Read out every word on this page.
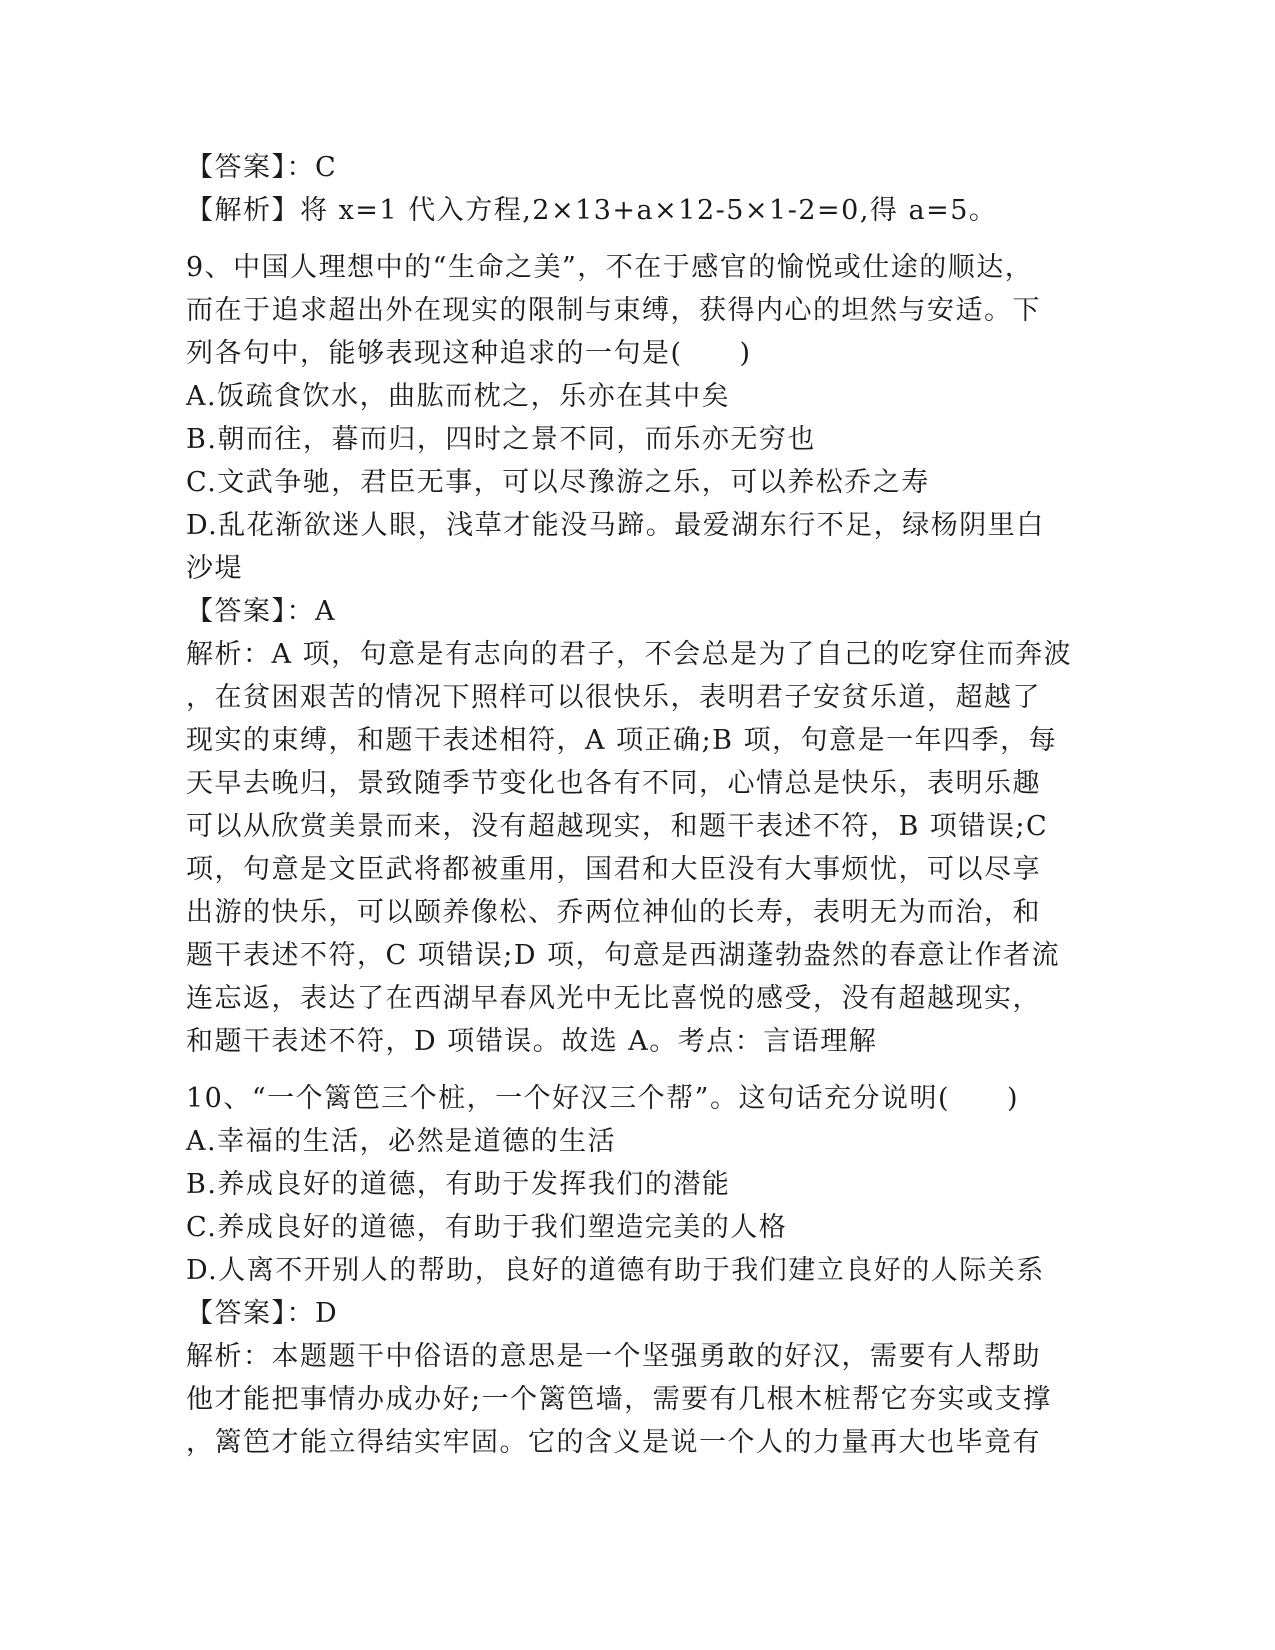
【答案】：C
【解析】将 x=1 代入方程,2×13+a×12-5×1-2=0,得 a=5。
9、中国人理想中的“生命之美”，不在于感官的愉悦或仕途的顺达，
而在于追求超出外在现实的限制与束缚，获得内心的坦然与安适。下
列各句中，能够表现这种追求的一句是(　　)
A.饭疏食饮水，曲肱而枕之，乐亦在其中矣
B.朝而往，暮而归，四时之景不同，而乐亦无穷也
C.文武争驰，君臣无事，可以尽豫游之乐，可以养松乔之寿
D.乱花渐欲迷人眼，浅草才能没马蹄。最爱湖东行不足，绿杨阴里白
沙堤
【答案】：A
解析：A 项，句意是有志向的君子，不会总是为了自己的吃穿住而奔波
，在贫困艰苦的情况下照样可以很快乐，表明君子安贫乐道，超越了
现实的束缚，和题干表述相符，A 项正确;B 项，句意是一年四季，每
天早去晚归，景致随季节变化也各有不同，心情总是快乐，表明乐趣
可以从欣赏美景而来，没有超越现实，和题干表述不符，B 项错误;C
项，句意是文臣武将都被重用，国君和大臣没有大事烦忧，可以尽享
出游的快乐，可以颐养像松、乔两位神仙的长寿，表明无为而治，和
题干表述不符，C 项错误;D 项，句意是西湖蓬勃盎然的春意让作者流
连忘返，表达了在西湖早春风光中无比喜悦的感受，没有超越现实，
和题干表述不符，D 项错误。故选 A。考点：言语理解
10、“一个篱笆三个桩，一个好汉三个帮”。这句话充分说明(　　)
A.幸福的生活，必然是道德的生活
B.养成良好的道德，有助于发挥我们的潜能
C.养成良好的道德，有助于我们塑造完美的人格
D.人离不开别人的帮助，良好的道德有助于我们建立良好的人际关系
【答案】：D
解析：本题题干中俗语的意思是一个坚强勇敢的好汉，需要有人帮助
他才能把事情办成办好;一个篱笆墙，需要有几根木桩帮它夯实或支撑
，篱笆才能立得结实牢固。它的含义是说一个人的力量再大也毕竟有
